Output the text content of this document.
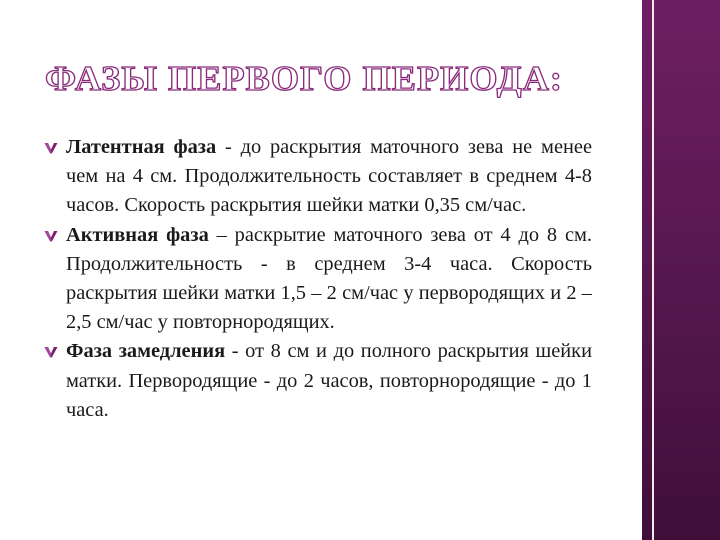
ФАЗЫ ПЕРВОГО ПЕРИОДА:
Латентная фаза - до раскрытия маточного зева не менее чем на 4 см. Продолжительность составляет в среднем 4-8 часов. Скорость раскрытия шейки матки 0,35 см/час.
Активная фаза – раскрытие маточного зева от 4 до 8 см. Продолжительность - в среднем 3-4 часа. Скорость раскрытия шейки матки 1,5 – 2 см/час у первородящих и 2 – 2,5 см/час у повторнородящих.
Фаза замедления - от 8 см и до полного раскрытия шейки матки. Первородящие - до 2 часов, повторнородящие - до 1 часа.
